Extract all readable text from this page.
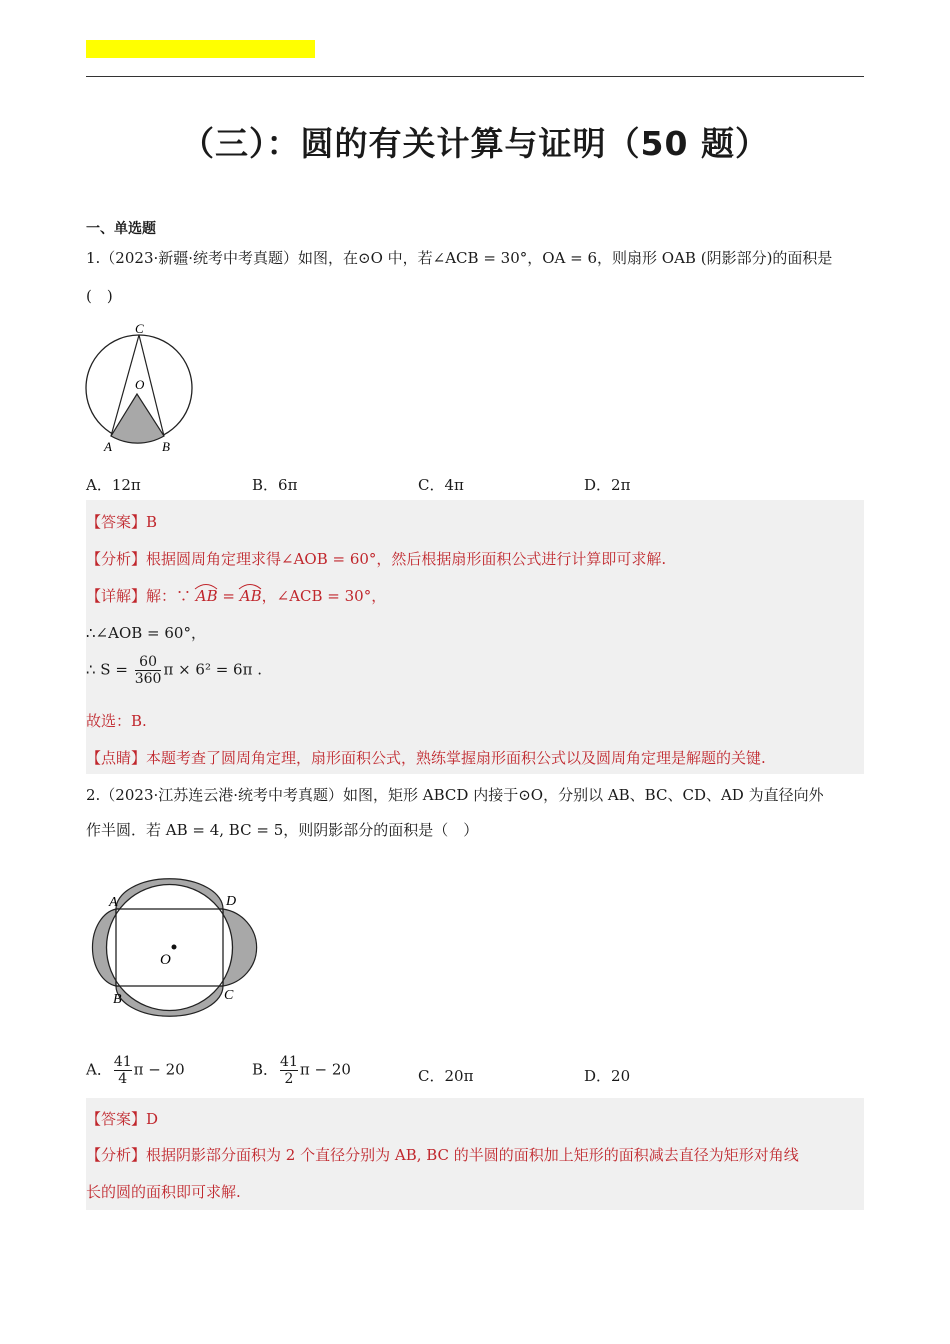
（三）：圆的有关计算与证明（50 题）
一、单选题
1.（2023·新疆·统考中考真题）如图，在⊙O 中，若∠ACB = 30°，OA = 6，则扇形 OAB (阴影部分)的面积是
(　)
C
O
A	B
A．12π	B．6π	C．4π	D．2π
【答案】B
【分析】根据圆周角定理求得∠AOB = 60°，然后根据扇形面积公式进行计算即可求解.
【详解】解：∵
AB =
AB，∠ACB = 30°，
∴∠AOB = 60°，
∴ $S = \frac{60}{360}$ π × 6² = 6π .
故选：B.
【点睛】本题考查了圆周角定理，扇形面积公式，熟练掌握扇形面积公式以及圆周角定理是解题的关键.
2.（2023·江苏连云港·统考中考真题）如图，矩形 ABCD 内接于⊙O，分别以 AB、BC、CD、AD 为直径向外
作半圆．若 AB = 4, BC = 5，则阴影部分的面积是（　）
A	D
B	C
O
A． $\frac{41}{4}$ π − 20	B． $\frac{41}{2}$ π − 20	C．20π	D．20
【答案】D
【分析】根据阴影部分面积为 2 个直径分别为 AB, BC 的半圆的面积加上矩形的面积减去直径为矩形对角线
长的圆的面积即可求解.
